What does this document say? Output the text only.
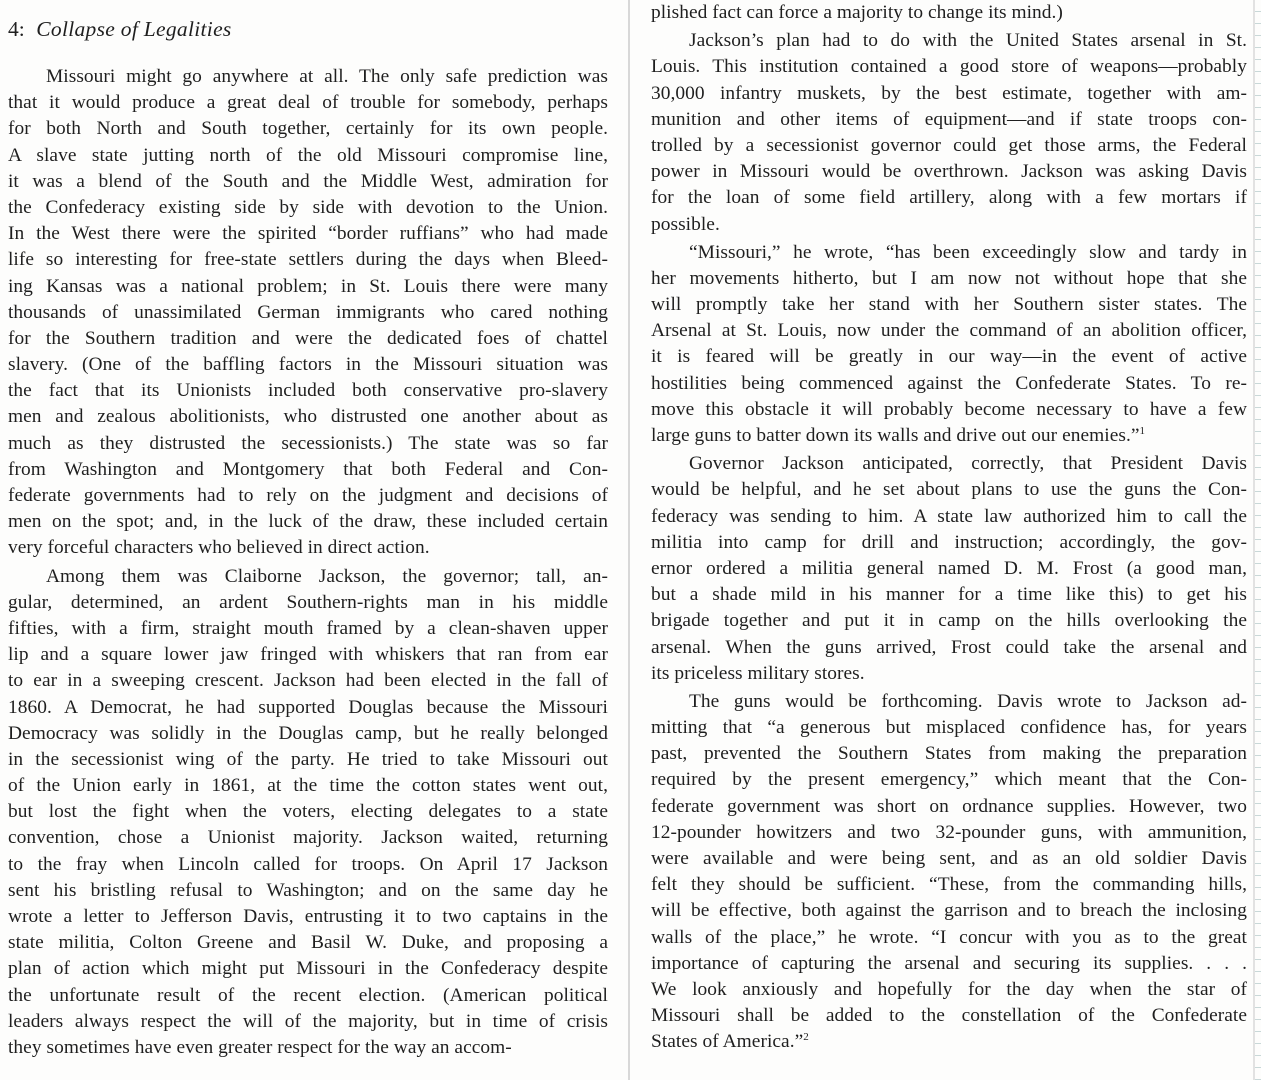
4: Collapse of Legalities
Missouri might go anywhere at all. The only safe prediction was
that it would produce a great deal of trouble for somebody, perhaps
for both North and South together, certainly for its own people.
A slave state jutting north of the old Missouri compromise line,
it was a blend of the South and the Middle West, admiration for
the Confederacy existing side by side with devotion to the Union.
In the West there were the spirited “border ruffians” who had made
life so interesting for free-state settlers during the days when Bleed-
ing Kansas was a national problem; in St. Louis there were many
thousands of unassimilated German immigrants who cared nothing
for the Southern tradition and were the dedicated foes of chattel
slavery. (One of the baffling factors in the Missouri situation was
the fact that its Unionists included both conservative pro-slavery
men and zealous abolitionists, who distrusted one another about as
much as they distrusted the secessionists.) The state was so far
from Washington and Montgomery that both Federal and Con-
federate governments had to rely on the judgment and decisions of
men on the spot; and, in the luck of the draw, these included certain
very forceful characters who believed in direct action.
Among them was Claiborne Jackson, the governor; tall, an-
gular, determined, an ardent Southern-rights man in his middle
fifties, with a firm, straight mouth framed by a clean-shaven upper
lip and a square lower jaw fringed with whiskers that ran from ear
to ear in a sweeping crescent. Jackson had been elected in the fall of
1860. A Democrat, he had supported Douglas because the Missouri
Democracy was solidly in the Douglas camp, but he really belonged
in the secessionist wing of the party. He tried to take Missouri out
of the Union early in 1861, at the time the cotton states went out,
but lost the fight when the voters, electing delegates to a state
convention, chose a Unionist majority. Jackson waited, returning
to the fray when Lincoln called for troops. On April 17 Jackson
sent his bristling refusal to Washington; and on the same day he
wrote a letter to Jefferson Davis, entrusting it to two captains in the
state militia, Colton Greene and Basil W. Duke, and proposing a
plan of action which might put Missouri in the Confederacy despite
the unfortunate result of the recent election. (American political
leaders always respect the will of the majority, but in time of crisis
they sometimes have even greater respect for the way an accom-
plished fact can force a majority to change its mind.)
Jackson’s plan had to do with the United States arsenal in St.
Louis. This institution contained a good store of weapons—probably
30,000 infantry muskets, by the best estimate, together with am-
munition and other items of equipment—and if state troops con-
trolled by a secessionist governor could get those arms, the Federal
power in Missouri would be overthrown. Jackson was asking Davis
for the loan of some field artillery, along with a few mortars if
possible.
“Missouri,” he wrote, “has been exceedingly slow and tardy in
her movements hitherto, but I am now not without hope that she
will promptly take her stand with her Southern sister states. The
Arsenal at St. Louis, now under the command of an abolition officer,
it is feared will be greatly in our way—in the event of active
hostilities being commenced against the Confederate States. To re-
move this obstacle it will probably become necessary to have a few
large guns to batter down its walls and drive out our enemies.”$^1$
Governor Jackson anticipated, correctly, that President Davis
would be helpful, and he set about plans to use the guns the Con-
federacy was sending to him. A state law authorized him to call the
militia into camp for drill and instruction; accordingly, the gov-
ernor ordered a militia general named D. M. Frost (a good man,
but a shade mild in his manner for a time like this) to get his
brigade together and put it in camp on the hills overlooking the
arsenal. When the guns arrived, Frost could take the arsenal and
its priceless military stores.
The guns would be forthcoming. Davis wrote to Jackson ad-
mitting that “a generous but misplaced confidence has, for years
past, prevented the Southern States from making the preparation
required by the present emergency,” which meant that the Con-
federate government was short on ordnance supplies. However, two
12-pounder howitzers and two 32-pounder guns, with ammunition,
were available and were being sent, and as an old soldier Davis
felt they should be sufficient. “These, from the commanding hills,
will be effective, both against the garrison and to breach the inclosing
walls of the place,” he wrote. “I concur with you as to the great
importance of capturing the arsenal and securing its supplies. . . .
We look anxiously and hopefully for the day when the star of
Missouri shall be added to the constellation of the Confederate
States of America.”$^2$
